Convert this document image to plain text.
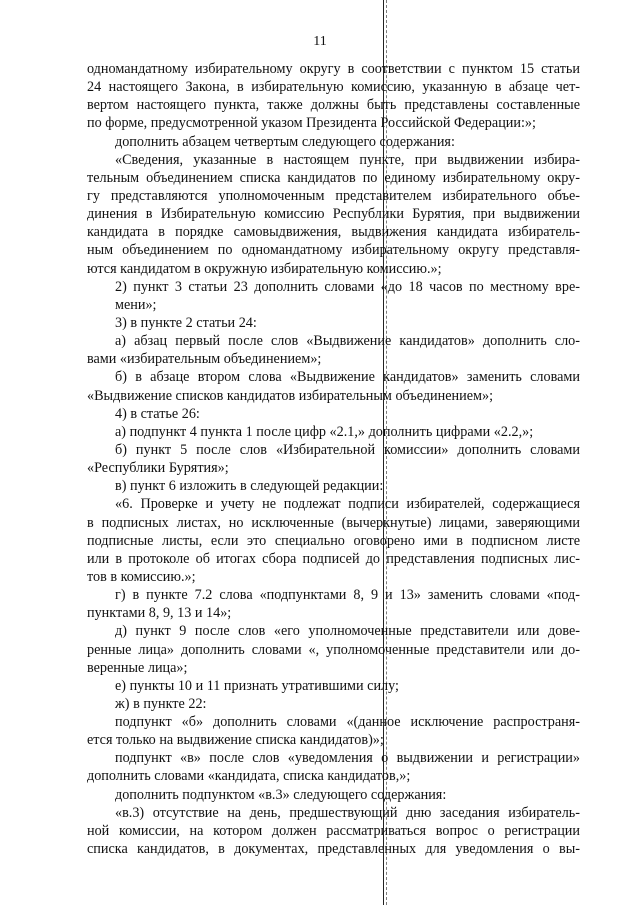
11
одномандатному избирательному округу в соответствии с пунктом 15 статьи
24 настоящего Закона, в избирательную комиссию, указанную в абзаце чет-
вертом настоящего пункта, также должны быть представлены составленные
по форме, предусмотренной указом Президента Российской Федерации:»;
дополнить абзацем четвертым следующего содержания:
«Сведения, указанные в настоящем пункте, при выдвижении избира-
тельным объединением списка кандидатов по единому избирательному окру-
гу представляются уполномоченным представителем избирательного объе-
динения в Избирательную комиссию Республики Бурятия, при выдвижении
кандидата в порядке самовыдвижения, выдвижения кандидата избиратель-
ным объединением по одномандатному избирательному округу представля-
ются кандидатом в окружную избирательную комиссию.»;
2) пункт 3 статьи 23 дополнить словами «до 18 часов по местному вре-
мени»;
3) в пункте 2 статьи 24:
а) абзац первый после слов «Выдвижение кандидатов» дополнить сло-
вами «избирательным объединением»;
б) в абзаце втором слова «Выдвижение кандидатов» заменить словами
«Выдвижение списков кандидатов избирательным объединением»;
4) в статье 26:
а) подпункт 4 пункта 1 после цифр «2.1,» дополнить цифрами «2.2,»;
б) пункт 5 после слов «Избирательной комиссии» дополнить словами
«Республики Бурятия»;
в) пункт 6 изложить в следующей редакции:
«6. Проверке и учету не подлежат подписи избирателей, содержащиеся
в подписных листах, но исключенные (вычеркнутые) лицами, заверяющими
подписные листы, если это специально оговорено ими в подписном листе
или в протоколе об итогах сбора подписей до представления подписных лис-
тов в комиссию.»;
г) в пункте 7.2 слова «подпунктами 8, 9 и 13» заменить словами «под-
пунктами 8, 9, 13 и 14»;
д) пункт 9 после слов «его уполномоченные представители или дове-
ренные лица» дополнить словами «, уполномоченные представители или до-
веренные лица»;
е) пункты 10 и 11 признать утратившими силу;
ж) в пункте 22:
подпункт «б» дополнить словами «(данное исключение распространя-
ется только на выдвижение списка кандидатов)»;
подпункт «в» после слов «уведомления о выдвижении и регистрации»
дополнить словами «кандидата, списка кандидатов,»;
дополнить подпунктом «в.3» следующего содержания:
«в.3) отсутствие на день, предшествующий дню заседания избиратель-
ной комиссии, на котором должен рассматриваться вопрос о регистрации
списка кандидатов, в документах, представленных для уведомления о вы-
